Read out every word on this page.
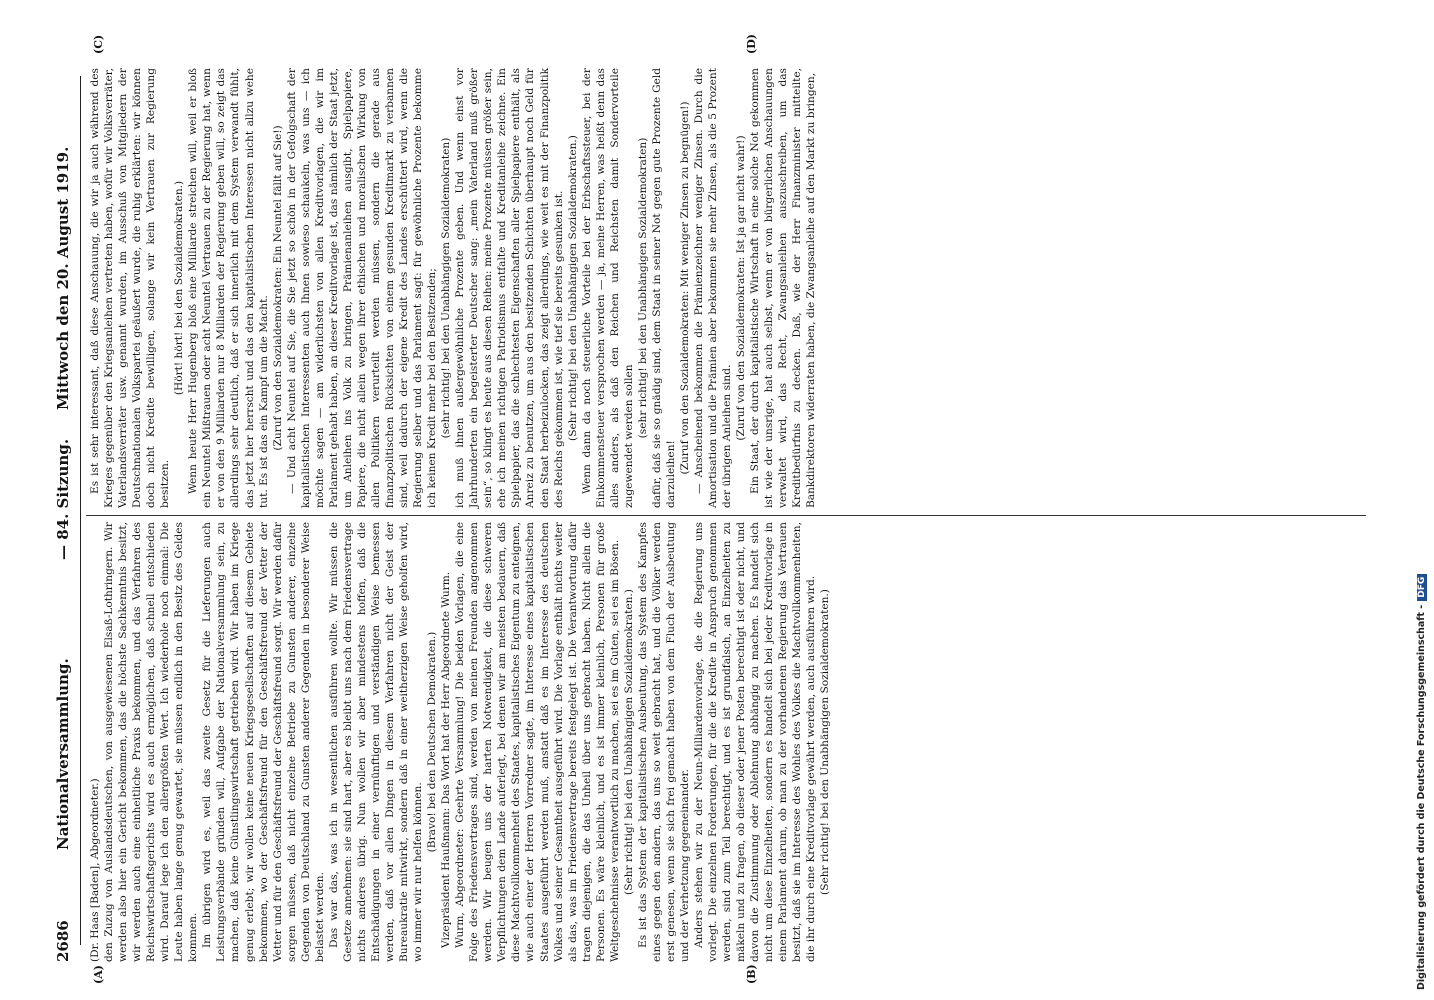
2686
Nationalversammlung.
— 84. Sitzung.
Mittwoch den 20. August 1919.
(A)	(B)
(C)	(D)

(Dr. Haas [Baden], Abgeordneter.) den Zuzug von Auslandsdeutschen, von ausgewiesenen Elsaß-Lothringern. Wir werden also hier ein Gericht bekommen, das die höchste Sachkenntnis besitzt, wir werden auch eine einheitliche Praxis bekommen, und das Verfahren des Reichswirtschaftsgerichts wird es auch ermöglichen, daß schnell entschieden wird. Darauf lege ich den allergrößten Wert. Ich wiederhole noch einmal: Die Leute haben lange genug gewartet, sie müssen endlich in den Besitz des Geldes kommen. Im übrigen wird es, weil das zweite Gesetz für die Lieferungen auch Leistungsverbände gründen will, Aufgabe der Nationalversammlung sein, zu machen, daß keine Günstlingswirtschaft getrieben wird. Wir haben im Kriege genug erlebt; wir wollen keine neuen Kriegsgesellschaften auf diesem Gebiete bekommen, wo der Geschäftsfreund für den Geschäftsfreund der Vetter der Vetter und für den Geschäftsfreund der Geschäftsfreund sorgt. Wir werden dafür sorgen müssen, daß nicht einzelne Betriebe zu Gunsten anderer, einzelne Gegenden von Deutschland zu Gunsten anderer Gegenden in besonderer Weise belastet werden. Das war das, was ich in wesentlichen ausführen wollte. Wir müssen die Gesetze annehmen: sie sind hart, aber es bleibt uns nach dem Friedensvertrage nichts anderes übrig. Nun wollen wir aber mindestens hoffen, daß die Entschädigungen in einer vernünftigen und verständigen Weise bemessen werden, daß vor allen Dingen in diesem Verfahren nicht der Geist der Bureaukratie mitwirkt, sondern daß in einer weitherzigen Weise geholfen wird, wo immer wir nur helfen können.

(Bravo! bei den Deutschen Demokraten.) Vizepräsident Haußmann: Das Wort hat der Herr Abgeordnete Wurm. Wurm, Abgeordneter: Geehrte Versammlung! Die beiden Vorlagen, die eine Folge des Friedensvertrages sind, werden von meinen Freunden angenommen werden. Wir beugen uns der harten Notwendigkeit, die diese schweren Verpflichtungen dem Lande auferlegt, bei denen wir am meisten bedauern, daß diese Machtvollkommenheit des Staates, kapitalistisches Eigentum zu enteignen, wie auch einer der Herren Vorredner sagte, im Interesse eines kapitalistischen Staates ausgeführt werden muß, anstatt daß es im Interesse des deutschen Volkes und seiner Gesamtheit ausgeführt wird. Die Vorlage enthält nichts weiter als das, was im Friedensvertrage bereits festgelegt ist. Die Verantwortung dafür tragen diejenigen, die das Unheil über uns gebracht haben. Nicht allein die Personen. Es wäre kleinlich, und es ist immer kleinlich, Personen für große Weltgeschehnisse verantwortlich zu machen, sei es im Guten, sei es im Bösen. (Sehr richtig! bei den Unabhängigen Sozialdemokraten.) Es ist das System der kapitalistischen Ausbeutung, das System des Kampfes eines gegen den andern, das uns so weit gebracht hat, und die Völker werden erst genesen, wenn sie sich frei gemacht haben von dem Fluch der Ausbeutung und der Verhetzung gegeneinander. Anders stehen wir zu der Neun-Milliardenvorlage, die die Regierung uns vorlegt. Die einzelnen Forderungen, für die die Kredite in Anspruch genommen werden, sind zum Teil berechtigt, und es ist grundfalsch, an Einzelheiten zu mäkeln und zu fragen, ob dieser oder jener Posten berechtigt ist oder nicht, und davon die Zustimmung oder Ablehnung abhängig zu machen. Es handelt sich nicht um diese Einzelheiten, sondern es handelt sich bei jeder Kreditvorlage in einem Parlament darum, ob man zu der vorhandenen Regierung das Vertrauen besitzt, daß sie im Interesse des Wohles des Volkes die Machtvollkommenheiten, die ihr durch eine Kreditvorlage gewährt werden, auch ausführen wird. (Sehr richtig! bei den Unabhängigen Sozialdemokraten.)

Es ist sehr interessant, daß diese Anschauung, die wir ja auch während des Krieges gegenüber den Kriegsanleihen vertreten haben, wofür wir Volksverräter, Vaterlandsverräter usw. genannt wurden, im Ausschuß von Mitgliedern der Deutschnationalen Volkspartei geäußert wurde, die ruhig erklärten: wir können doch nicht Kredite bewilligen, solange wir kein Vertrauen zur Regierung besitzen.

(Hört! hört! bei den Sozialdemokraten.) Wenn heute Herr Hugenberg bloß eine Milliarde streichen will, weil er bloß ein Neuntel Mißtrauen oder acht Neuntel Vertrauen zu der Regierung hat, wenn er von den 9 Milliarden nur 8 Milliarden der Regierung geben will, so zeigt das allerdings sehr deutlich, daß er sich innerlich mit dem System verwandt fühlt, das jetzt hier herrscht und das den kapitalistischen Interessen nicht allzu wehe tut. Es ist das ein Kampf um die Macht. (Zuruf von den Sozialdemokraten: Ein Neuntel fällt auf Sie!) — Und acht Neuntel auf Sie, die Sie jetzt so schön in der Gefolgschaft der kapitalistischen Interessenten auch Ihnen sowieso schaukeln, was uns — ich möchte sagen — am widerlichsten von allen Kreditvorlagen, die wir im Parlament gehabt haben, an dieser Kreditvorlage ist, das nämlich der Staat jetzt, um Anleihen ins Volk zu bringen, Prämienanleihen ausgibt, Spielpapiere, Papiere, die nicht allein wegen ihrer ethischen und moralischen Wirkung von allen Politikern verurteilt werden müssen, sondern die gerade aus finanzpolitischen Rücksichten von einem gesunden Kreditmarkt zu verbannen sind, weil dadurch der eigene Kredit des Landes erschüttert wird, wenn die Regierung selber und das Parlament sagt: für gewöhnliche Prozente bekomme ich keinen Kredit mehr bei den Besitzenden; (sehr richtig! bei den Unabhängigen Sozialdemokraten) ich muß ihnen außergewöhnliche Prozente geben. Und wenn einst vor Jahrhunderten ein begeisterter Deutscher sang: „mein Vaterland muß größer sein“, so klingt es heute aus diesen Reihen: meine Prozente müssen größer sein, ehe ich meinen richtigen Patriotismus entfalte und Kreditanleihe zeichne. Ein Spielpapier, das die schlechtesten Eigenschaften aller Spielpapiere enthält, als Anreiz zu benutzen, um aus den besitzenden Schichten überhaupt noch Geld für den Staat herbeizulocken, das zeigt allerdings, wie weit es mit der Finanzpolitik des Reichs gekommen ist, wie tief sie bereits gesunken ist. (Sehr richtig! bei den Unabhängigen Sozialdemokraten.) Wenn dann da noch steuerliche Vorteile bei der Erbschaftssteuer, bei der Einkommensteuer versprochen werden — ja, meine Herren, was heißt denn das alles anders, als daß den Reichen und Reichsten damit Sondervorteile zugewendet werden sollen (sehr richtig! bei den Unabhängigen Sozialdemokraten) dafür, daß sie so gnädig sind, dem Staat in seiner Not gegen gute Prozente Geld darzuleihen! (Zuruf von den Sozialdemokraten: Mit weniger Zinsen zu begnügen!) — Anscheinend bekommen die Prämienzeichner weniger Zinsen. Durch die Amortisation und die Prämien aber bekommen sie mehr Zinsen, als die 5 Prozent der übrigen Anleihen sind. (Zuruf von den Sozialdemokraten: Ist ja gar nicht wahr!) Ein Staat, der durch kapitalistische Wirtschaft in eine solche Not gekommen ist wie der unsrige, hat auch selbst, wenn er von bürgerlichen Anschauungen verwaltet wird, das Recht, Zwangsanleihen auszuschreiben, um das Kreditbedürfnis zu decken. Daß, wie der Herr Finanzminister mitteilte, Bankdirektoren widerraten haben, die Zwangsanleihe auf den Markt zu bringen,

Digitalisierung gefördert durch die Deutsche Forschungsgemeinschaft -DFG
